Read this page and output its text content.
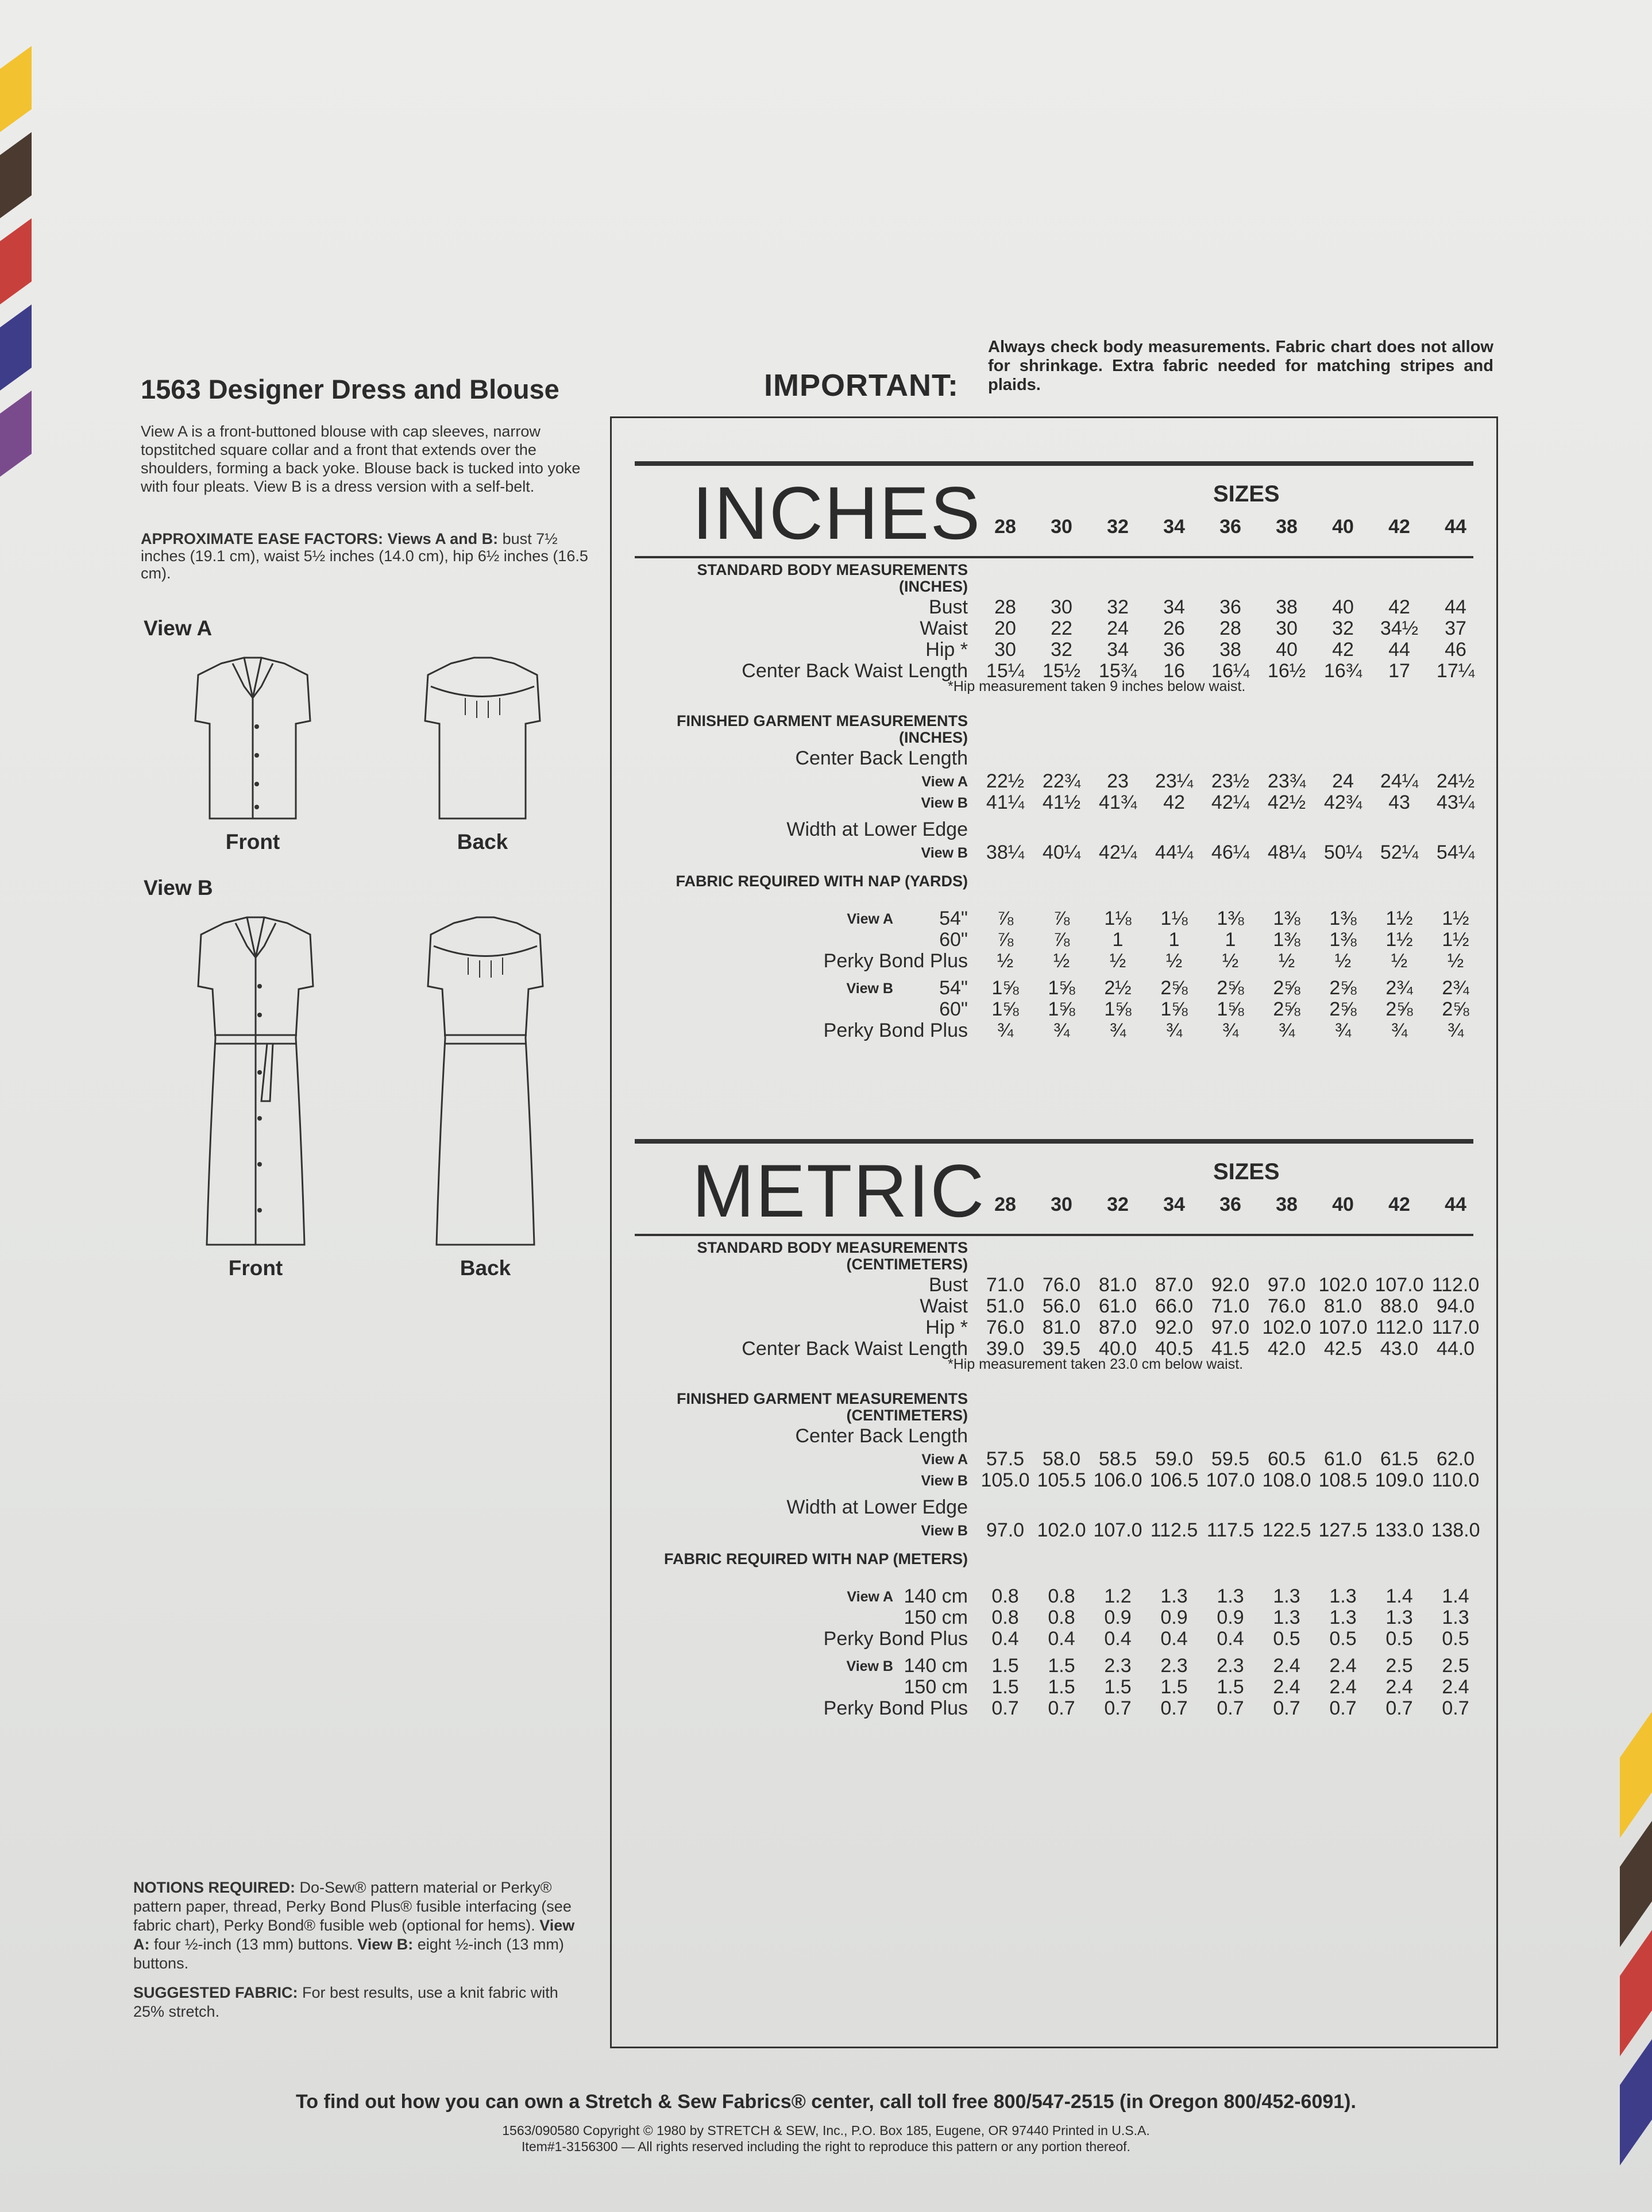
1563 Designer Dress and Blouse

View A is a front-buttoned blouse with cap sleeves, narrow topstitched square collar and a front that extends over the shoulders, forming a back yoke. Blouse back is tucked into yoke with four pleats. View B is a dress version with a self-belt.

APPROXIMATE EASE FACTORS: Views A and B: bust 7½ inches (19.1 cm), waist 5½ inches (14.0 cm), hip 6½ inches (16.5 cm).
View A
Front	Back
View B
Front	Back

NOTIONS REQUIRED: Do-Sew® pattern material or Perky® pattern paper, thread, Perky Bond Plus® fusible interfacing (see fabric chart), Perky Bond® fusible web (optional for hems). View A: four ½-inch (13 mm) buttons. View B: eight ½-inch (13 mm) buttons.

SUGGESTED FABRIC: For best results, use a knit fabric with 25% stretch.

IMPORTANT:
Always check body measurements. Fabric chart does not allow for shrinkage. Extra fabric needed for matching stripes and plaids.
INCHES	SIZES
28	30	32	34	36	38	40	42	44
STANDARD BODY MEASUREMENTS (INCHES)
Bust	28	30	32	34	36	38	40	42	44
Waist	20	22	24	26	28	30	32	34½	37
Hip *	30	32	34	36	38	40	42	44	46
Center Back Waist Length 15¼ 15½ 15¾	16	16¼ 16½ 16¾	17	17¼
*Hip measurement taken 9 inches below waist.
FINISHED GARMENT MEASUREMENTS (INCHES)
Center Back Length
View A 22½ 22¾	23	23¼ 23½ 23¾	24	24¼ 24½
View B 41¼ 41½ 41¾	42	42¼ 42½ 42¾	43	43¼
Width at Lower Edge
View B 38¼ 40¼ 42¼ 44¼ 46¼ 48¼ 50¼ 52¼ 54¼
FABRIC REQUIRED WITH NAP (YARDS)
View A	54"	⅞	⅞	1⅛	1⅛	1⅜	1⅜	1⅜	1½	1½
60"	⅞	⅞	1	1	1	1⅜	1⅜	1½	1½
Perky Bond Plus	½	½	½	½	½	½	½	½	½
View B	54"	1⅝	1⅝	2½	2⅝	2⅝	2⅝	2⅝	2¾	2¾
60"	1⅝	1⅝	1⅝	1⅝	1⅝	2⅝	2⅝	2⅝	2⅝
Perky Bond Plus	¾	¾	¾	¾	¾	¾	¾	¾	¾
METRIC	SIZES
28	30	32	34	36	38	40	42	44
STANDARD BODY MEASUREMENTS (CENTIMETERS)
Bust 71.0 76.0 81.0 87.0 92.0 97.0 102.0 107.0 112.0
Waist 51.0 56.0 61.0 66.0 71.0 76.0 81.0 88.0 94.0
Hip * 76.0 81.0 87.0 92.0 97.0 102.0 107.0 112.0 117.0
Center Back Waist Length 39.0 39.5 40.0 40.5 41.5 42.0 42.5 43.0 44.0
*Hip measurement taken 23.0 cm below waist.
FINISHED GARMENT MEASUREMENTS (CENTIMETERS)
Center Back Length
View A 57.5 58.0 58.5 59.0 59.5 60.5 61.0 61.5 62.0
View B 105.0 105.5 106.0 106.5 107.0 108.0 108.5 109.0 110.0
Width at Lower Edge
View B 97.0 102.0 107.0 112.5 117.5 122.5 127.5 133.0 138.0
FABRIC REQUIRED WITH NAP (METERS)
View A 140 cm	0.8	0.8	1.2	1.3	1.3	1.3	1.3	1.4	1.4
150 cm	0.8	0.8	0.9	0.9	0.9	1.3	1.3	1.3	1.3
Perky Bond Plus	0.4	0.4	0.4	0.4	0.4	0.5	0.5	0.5	0.5
View B 140 cm	1.5	1.5	2.3	2.3	2.3	2.4	2.4	2.5	2.5
150 cm	1.5	1.5	1.5	1.5	1.5	2.4	2.4	2.4	2.4
Perky Bond Plus	0.7	0.7	0.7	0.7	0.7	0.7	0.7	0.7	0.7
To find out how you can own a Stretch & Sew Fabrics® center, call toll free 800/547-2515 (in Oregon 800/452-6091).
1563/090580 Copyright © 1980 by STRETCH & SEW, Inc., P.O. Box 185, Eugene, OR 97440 Printed in U.S.A.
Item#1-3156300 — All rights reserved including the right to reproduce this pattern or any portion thereof.
